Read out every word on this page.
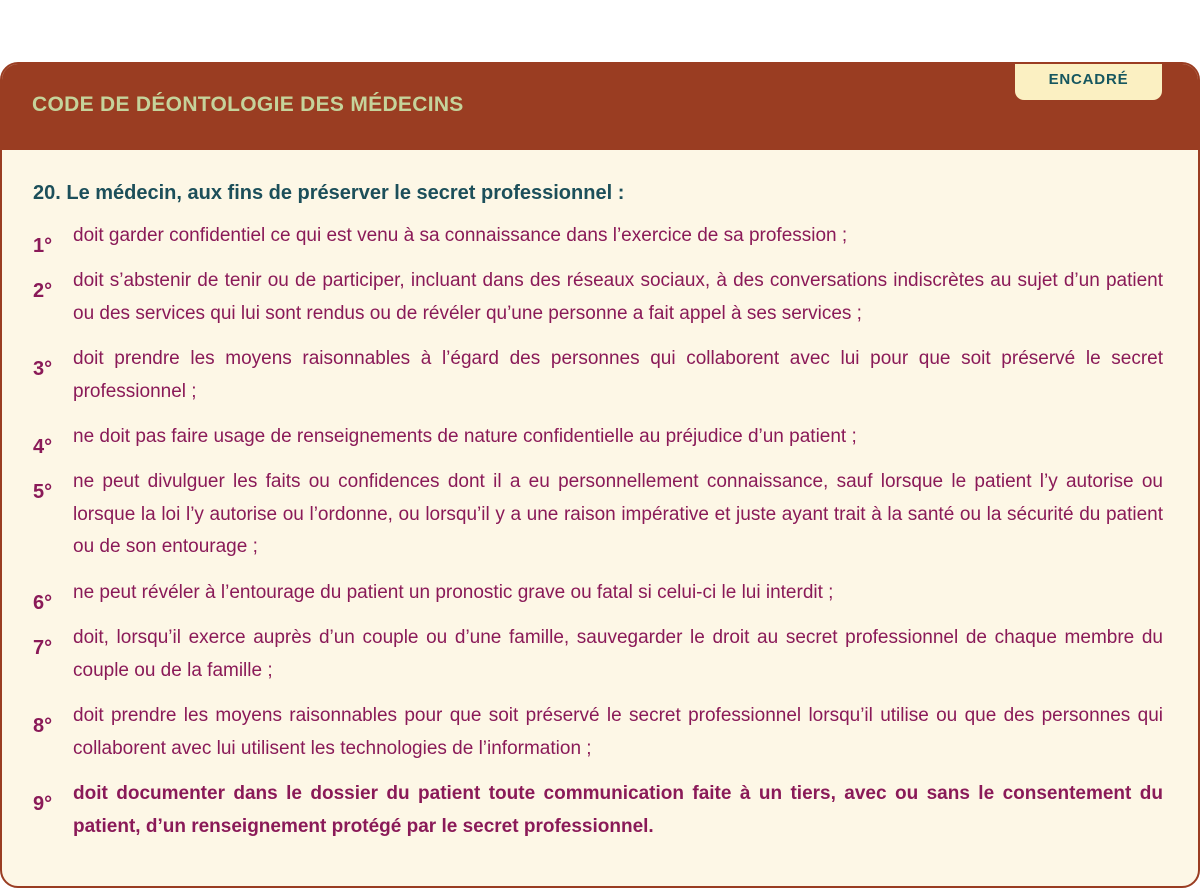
CODE DE DÉONTOLOGIE DES MÉDECINS
ENCADRÉ
20. Le médecin, aux fins de préserver le secret professionnel :
1° doit garder confidentiel ce qui est venu à sa connaissance dans l’exercice de sa profession ;
2° doit s’abstenir de tenir ou de participer, incluant dans des réseaux sociaux, à des conversations indiscrètes au sujet d’un patient ou des services qui lui sont rendus ou de révéler qu’une personne a fait appel à ses services ;
3° doit prendre les moyens raisonnables à l’égard des personnes qui collaborent avec lui pour que soit préservé le secret professionnel ;
4° ne doit pas faire usage de renseignements de nature confidentielle au préjudice d’un patient ;
5° ne peut divulguer les faits ou confidences dont il a eu personnellement connaissance, sauf lorsque le patient l’y autorise ou lorsque la loi l’y autorise ou l’ordonne, ou lorsqu’il y a une raison impérative et juste ayant trait à la santé ou la sécurité du patient ou de son entourage ;
6° ne peut révéler à l’entourage du patient un pronostic grave ou fatal si celui-ci le lui interdit ;
7° doit, lorsqu’il exerce auprès d’un couple ou d’une famille, sauvegarder le droit au secret professionnel de chaque membre du couple ou de la famille ;
8° doit prendre les moyens raisonnables pour que soit préservé le secret professionnel lorsqu’il utilise ou que des personnes qui collaborent avec lui utilisent les technologies de l’information ;
9° doit documenter dans le dossier du patient toute communication faite à un tiers, avec ou sans le consentement du patient, d’un renseignement protégé par le secret professionnel.
